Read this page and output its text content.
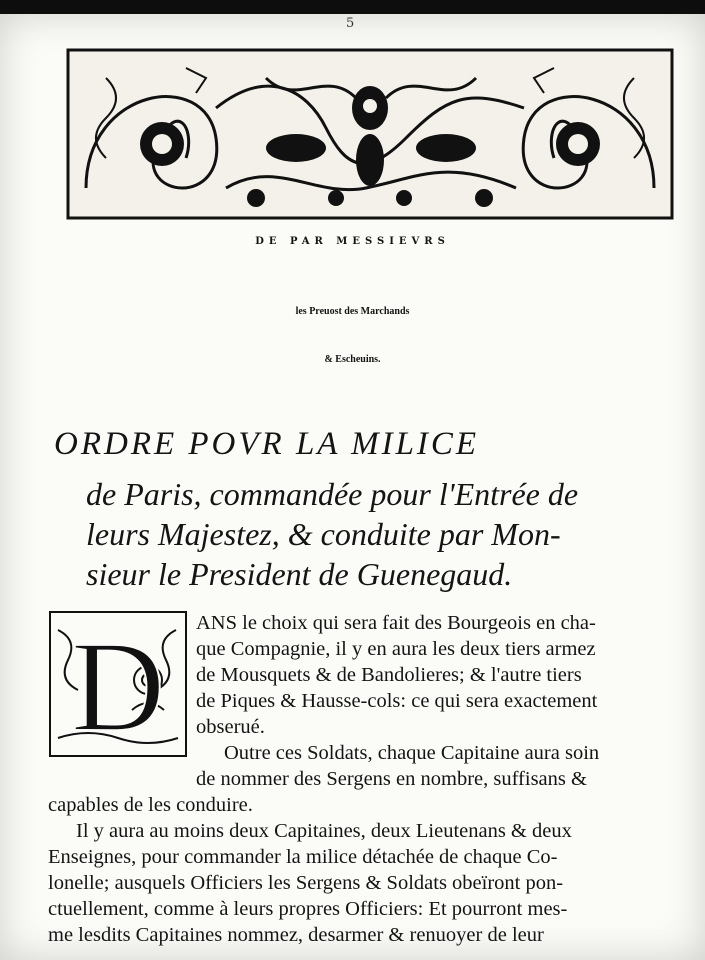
5
DE PAR MESSIEVRS
les Preuost des Marchands
& Escheuins.

ORDRE POVR LA MILICE

de Paris, commandée pour l'Entrée de

leurs Majestez, & conduite par Mon-

sieur le President de Guenegaud.

D ANS le choix qui sera fait des Bourgeois en cha-

que Compagnie, il y en aura les deux tiers armez

de Mousquets & de Bandolieres; & l'autre tiers

de Piques & Hausse-cols: ce qui sera exactement

obserué.

Outre ces Soldats, chaque Capitaine aura soin

de nommer des Sergens en nombre, suffisans &

capables de les conduire.

Il y aura au moins deux Capitaines, deux Lieutenans & deux

Enseignes, pour commander la milice détachée de chaque Co-

lonelle; ausquels Officiers les Sergens & Soldats obeïront pon-

ctuellement, comme à leurs propres Officiers: Et pourront mes-

me lesdits Capitaines nommez, desarmer & renuoyer de leur
